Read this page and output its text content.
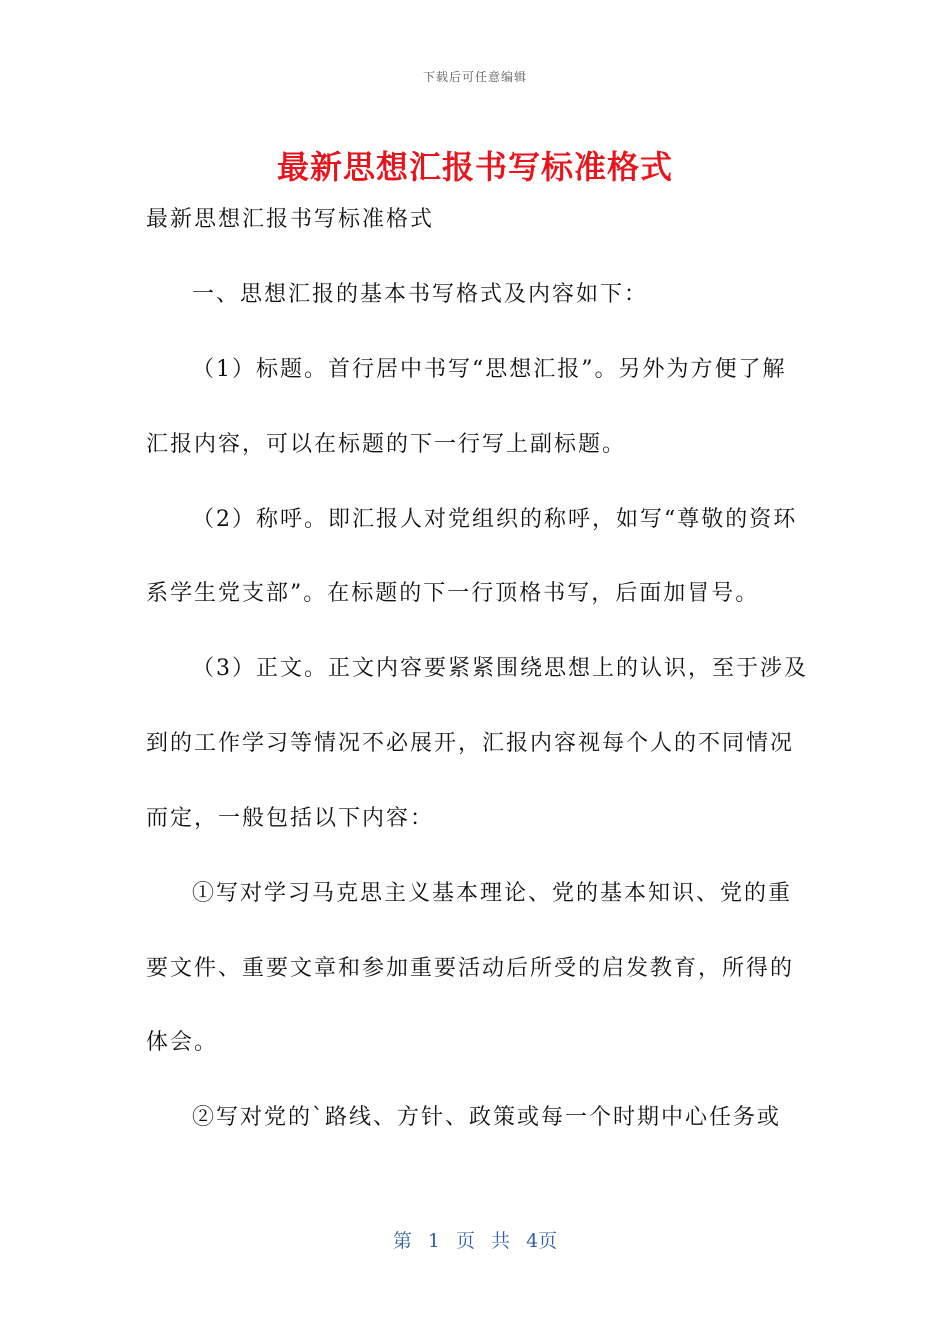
下载后可任意编辑
最新思想汇报书写标准格式
最新思想汇报书写标准格式
一、思想汇报的基本书写格式及内容如下：
（1）标题。首行居中书写“思想汇报”。另外为方便了解
汇报内容，可以在标题的下一行写上副标题。
（2）称呼。即汇报人对党组织的称呼，如写“尊敬的资环
系学生党支部”。在标题的下一行顶格书写，后面加冒号。
（3）正文。正文内容要紧紧围绕思想上的认识，至于涉及
到的工作学习等情况不必展开，汇报内容视每个人的不同情况
而定，一般包括以下内容：
①写对学习马克思主义基本理论、党的基本知识、党的重
要文件、重要文章和参加重要活动后所受的启发教育，所得的
体会。
②写对党的`路线、方针、政策或每一个时期中心任务或
第 1 页 共 4页
